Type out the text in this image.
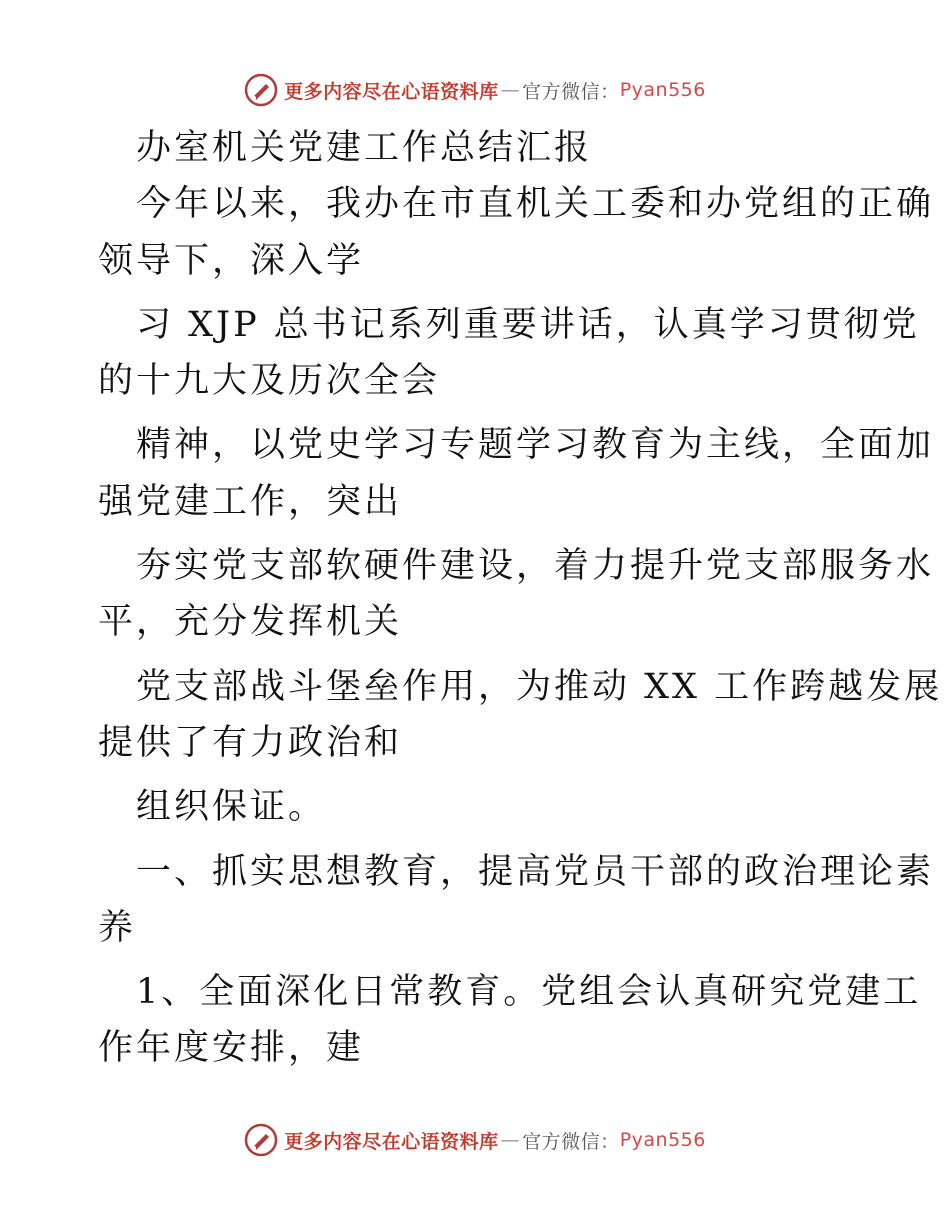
更多内容尽在心语资料库 — 官方微信： Pyan556
办室机关党建工作总结汇报
今年以来，我办在市直机关工委和办党组的正确
领导下，深入学
习 XJP 总书记系列重要讲话，认真学习贯彻党
的十九大及历次全会
精神，以党史学习专题学习教育为主线，全面加
强党建工作，突出
夯实党支部软硬件建设，着力提升党支部服务水
平，充分发挥机关
党支部战斗堡垒作用，为推动 XX 工作跨越发展
提供了有力政治和
组织保证。
一、抓实思想教育，提高党员干部的政治理论素
养
1、全面深化日常教育。党组会认真研究党建工
作年度安排，建
更多内容尽在心语资料库 — 官方微信： Pyan556
